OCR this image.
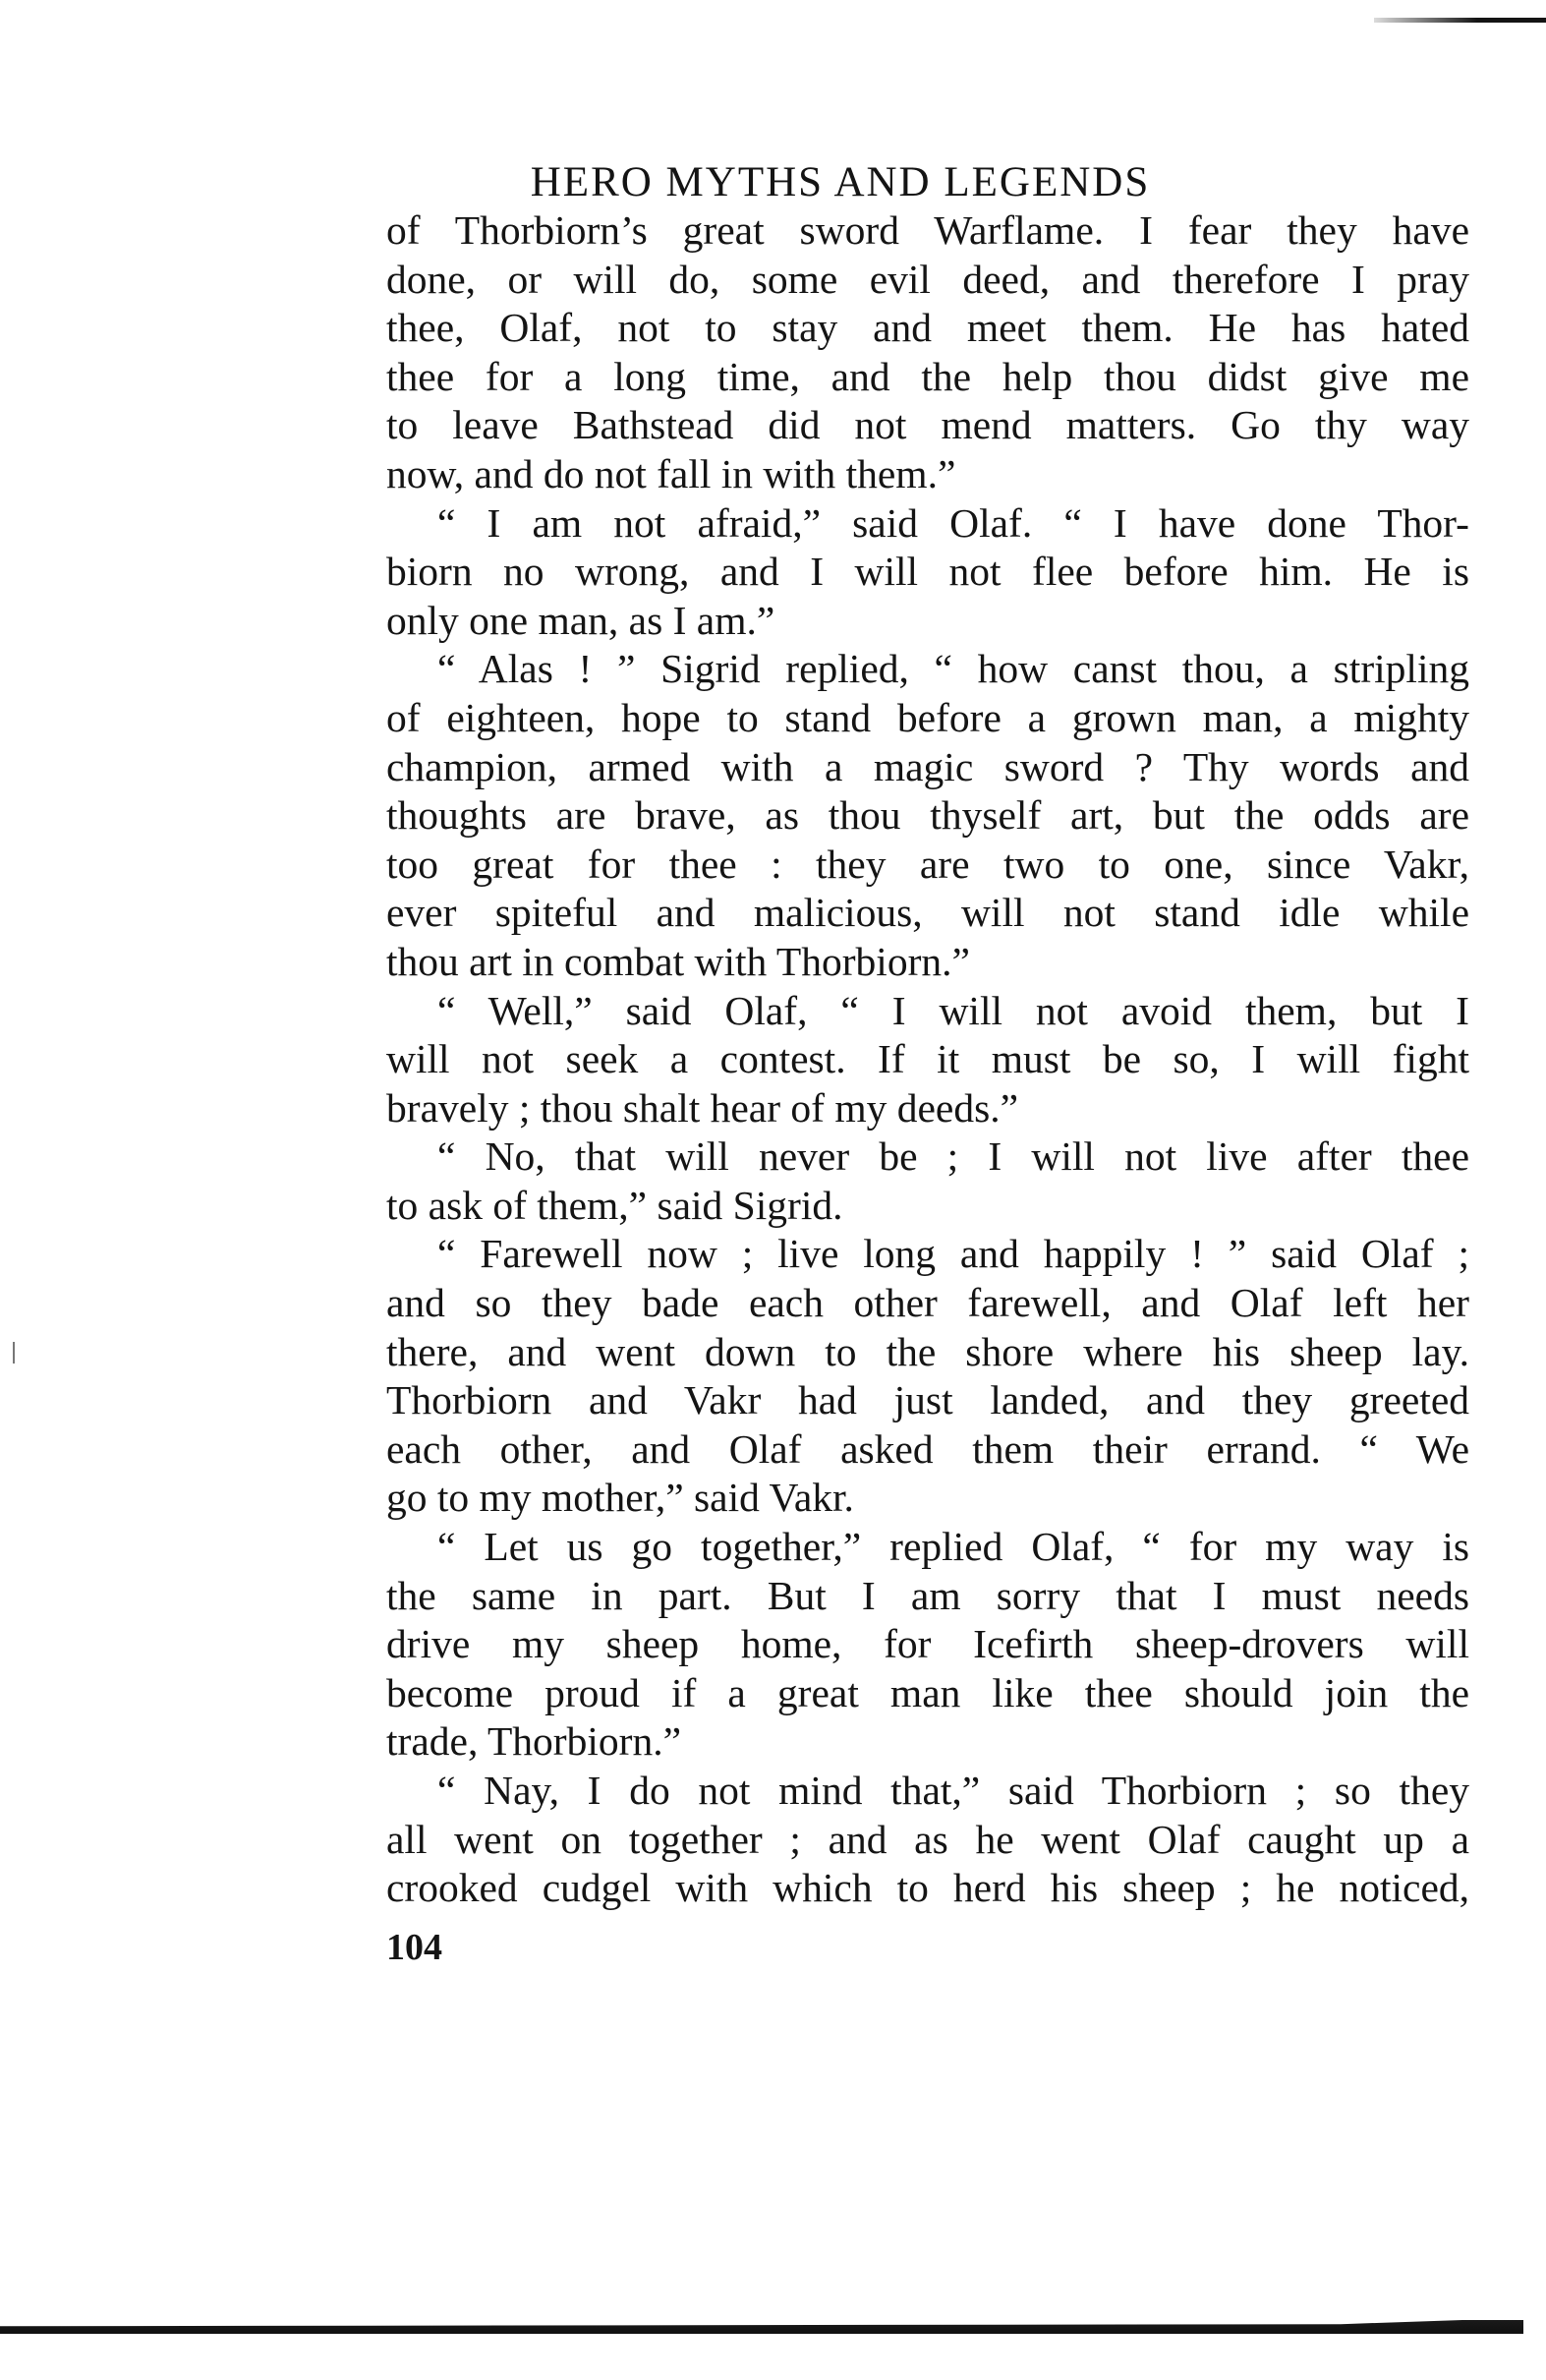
HERO MYTHS AND LEGENDS
of Thorbiorn’s great sword Warflame. I fear they have
done, or will do, some evil deed, and therefore I pray
thee, Olaf, not to stay and meet them. He has hated
thee for a long time, and the help thou didst give me
to leave Bathstead did not mend matters. Go thy way
now, and do not fall in with them.”
“ I am not afraid,” said Olaf. “ I have done Thor-
biorn no wrong, and I will not flee before him. He is
only one man, as I am.”
“ Alas ! ” Sigrid replied, “ how canst thou, a stripling
of eighteen, hope to stand before a grown man, a mighty
champion, armed with a magic sword ? Thy words and
thoughts are brave, as thou thyself art, but the odds are
too great for thee : they are two to one, since Vakr,
ever spiteful and malicious, will not stand idle while
thou art in combat with Thorbiorn.”
“ Well,” said Olaf, “ I will not avoid them, but I
will not seek a contest. If it must be so, I will fight
bravely ; thou shalt hear of my deeds.”
“ No, that will never be ; I will not live after thee
to ask of them,” said Sigrid.
“ Farewell now ; live long and happily ! ” said Olaf ;
and so they bade each other farewell, and Olaf left her
there, and went down to the shore where his sheep lay.
Thorbiorn and Vakr had just landed, and they greeted
each other, and Olaf asked them their errand. “ We
go to my mother,” said Vakr.
“ Let us go together,” replied Olaf, “ for my way is
the same in part. But I am sorry that I must needs
drive my sheep home, for Icefirth sheep-drovers will
become proud if a great man like thee should join the
trade, Thorbiorn.”
“ Nay, I do not mind that,” said Thorbiorn ; so they
all went on together ; and as he went Olaf caught up a
crooked cudgel with which to herd his sheep ; he noticed,
104
